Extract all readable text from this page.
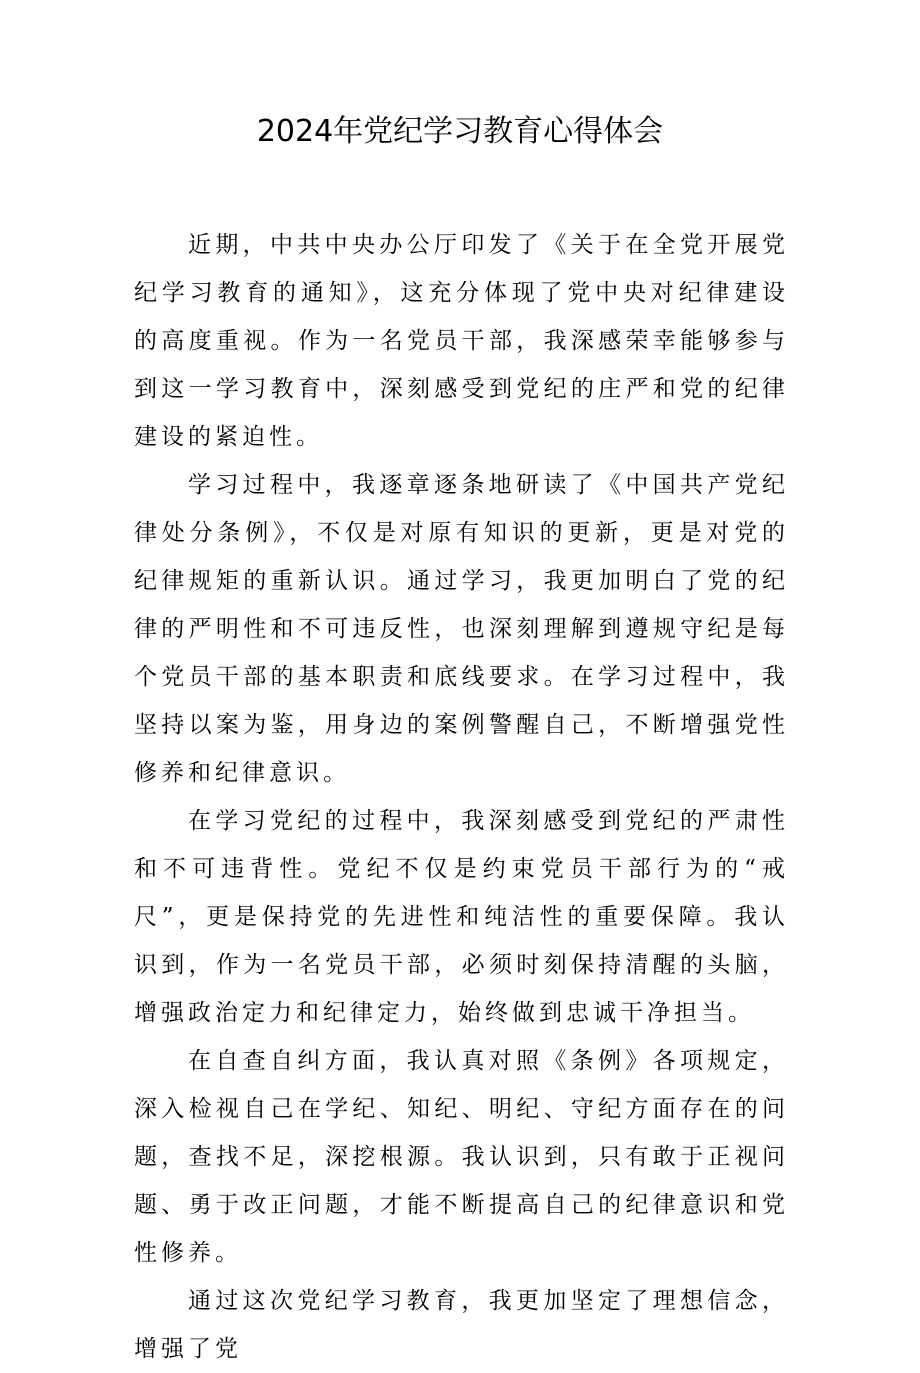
2024年党纪学习教育心得体会

近期，中共中央办公厅印发了《关于在全党开展党纪学习教育的通知》，这充分体现了党中央对纪律建设的高度重视。作为一名党员干部，我深感荣幸能够参与到这一学习教育中，深刻感受到党纪的庄严和党的纪律建设的紧迫性。

学习过程中，我逐章逐条地研读了《中国共产党纪律处分条例》，不仅是对原有知识的更新，更是对党的纪律规矩的重新认识。通过学习，我更加明白了党的纪律的严明性和不可违反性，也深刻理解到遵规守纪是每个党员干部的基本职责和底线要求。在学习过程中，我坚持以案为鉴，用身边的案例警醒自己，不断增强党性修养和纪律意识。

在学习党纪的过程中，我深刻感受到党纪的严肃性和不可违背性。党纪不仅是约束党员干部行为的“戒尺”，更是保持党的先进性和纯洁性的重要保障。我认识到，作为一名党员干部，必须时刻保持清醒的头脑，增强政治定力和纪律定力，始终做到忠诚干净担当。

在自查自纠方面，我认真对照《条例》各项规定，深入检视自己在学纪、知纪、明纪、守纪方面存在的问题，查找不足，深挖根源。我认识到，只有敢于正视问题、勇于改正问题，才能不断提高自己的纪律意识和党性修养。

通过这次党纪学习教育，我更加坚定了理想信念，增强了党
